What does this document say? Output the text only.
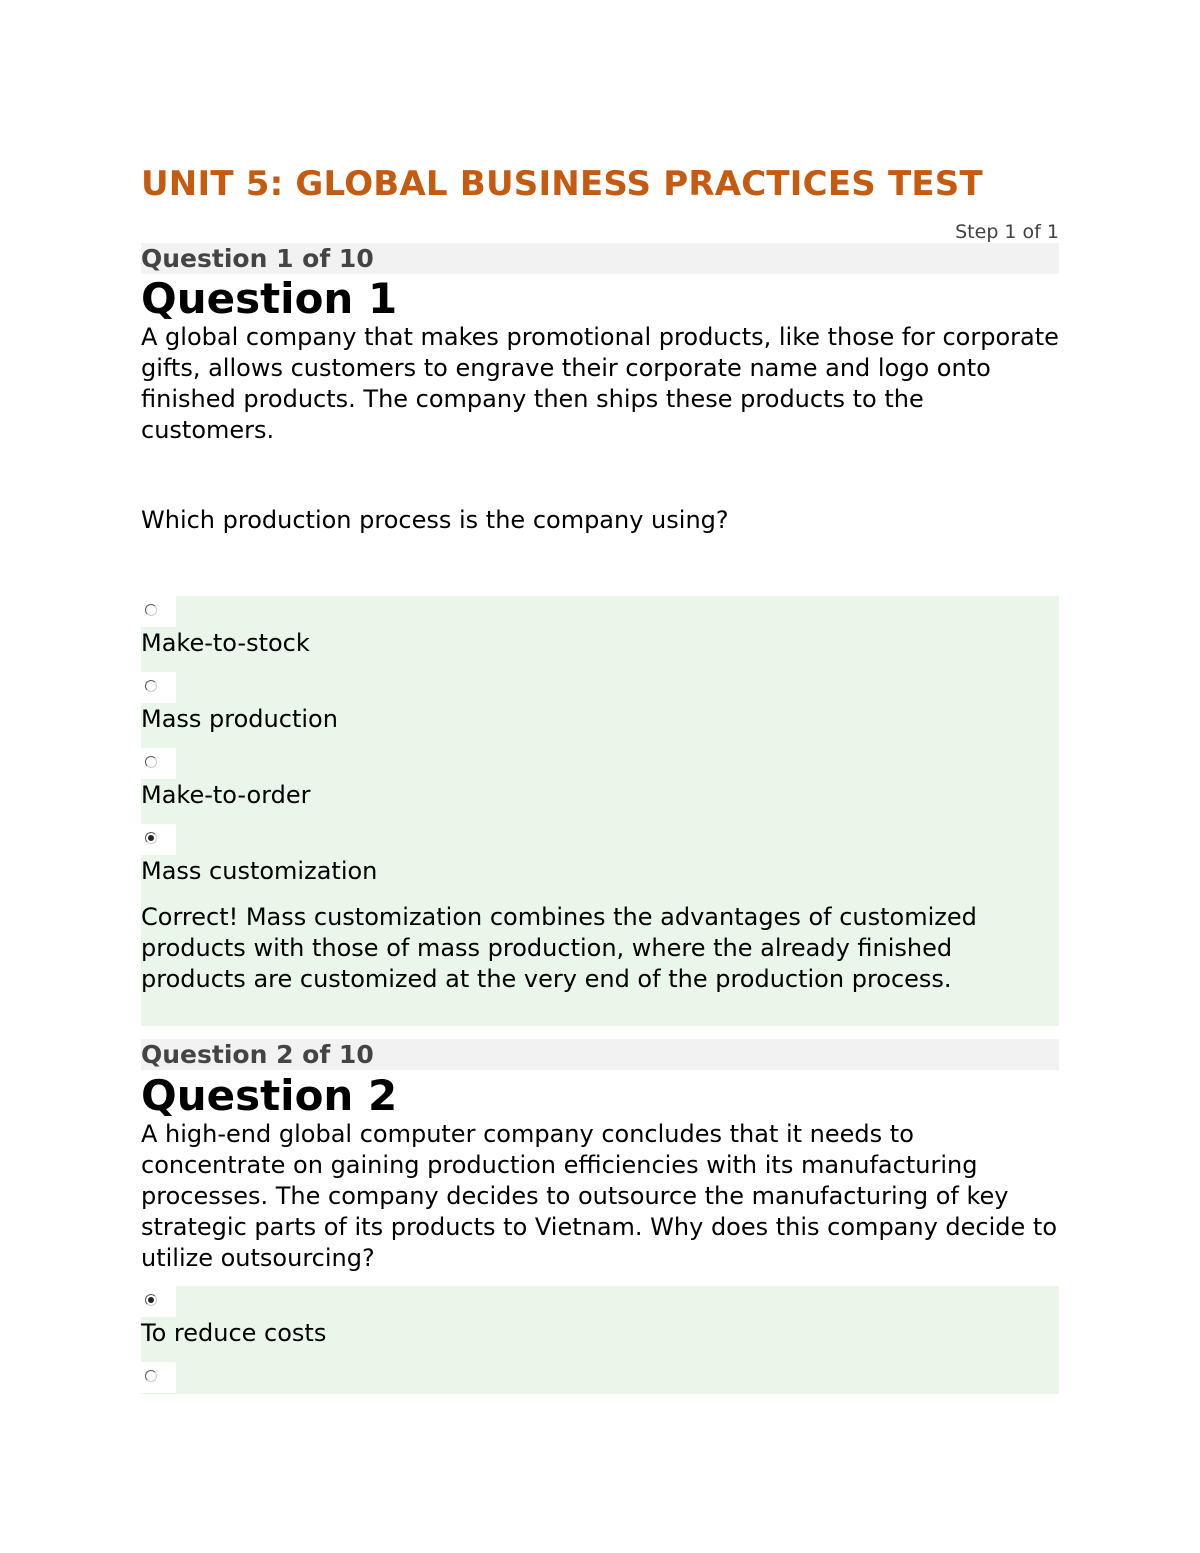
UNIT 5: GLOBAL BUSINESS PRACTICES TEST
Step 1 of 1
Question 1 of 10
Question 1

A global company that makes promotional products, like those for corporate gifts, allows customers to engrave their corporate name and logo onto finished products. The company then ships these products to the customers.

Which production process is the company using?
Make-to-stock
Mass production
Make-to-order
Mass customization
Correct! Mass customization combines the advantages of customized products with those of mass production, where the already finished products are customized at the very end of the production process.
Question 2 of 10
Question 2
A high-end global computer company concludes that it needs to concentrate on gaining production efficiencies with its manufacturing processes. The company decides to outsource the manufacturing of key strategic parts of its products to Vietnam. Why does this company decide to utilize outsourcing?
To reduce costs
